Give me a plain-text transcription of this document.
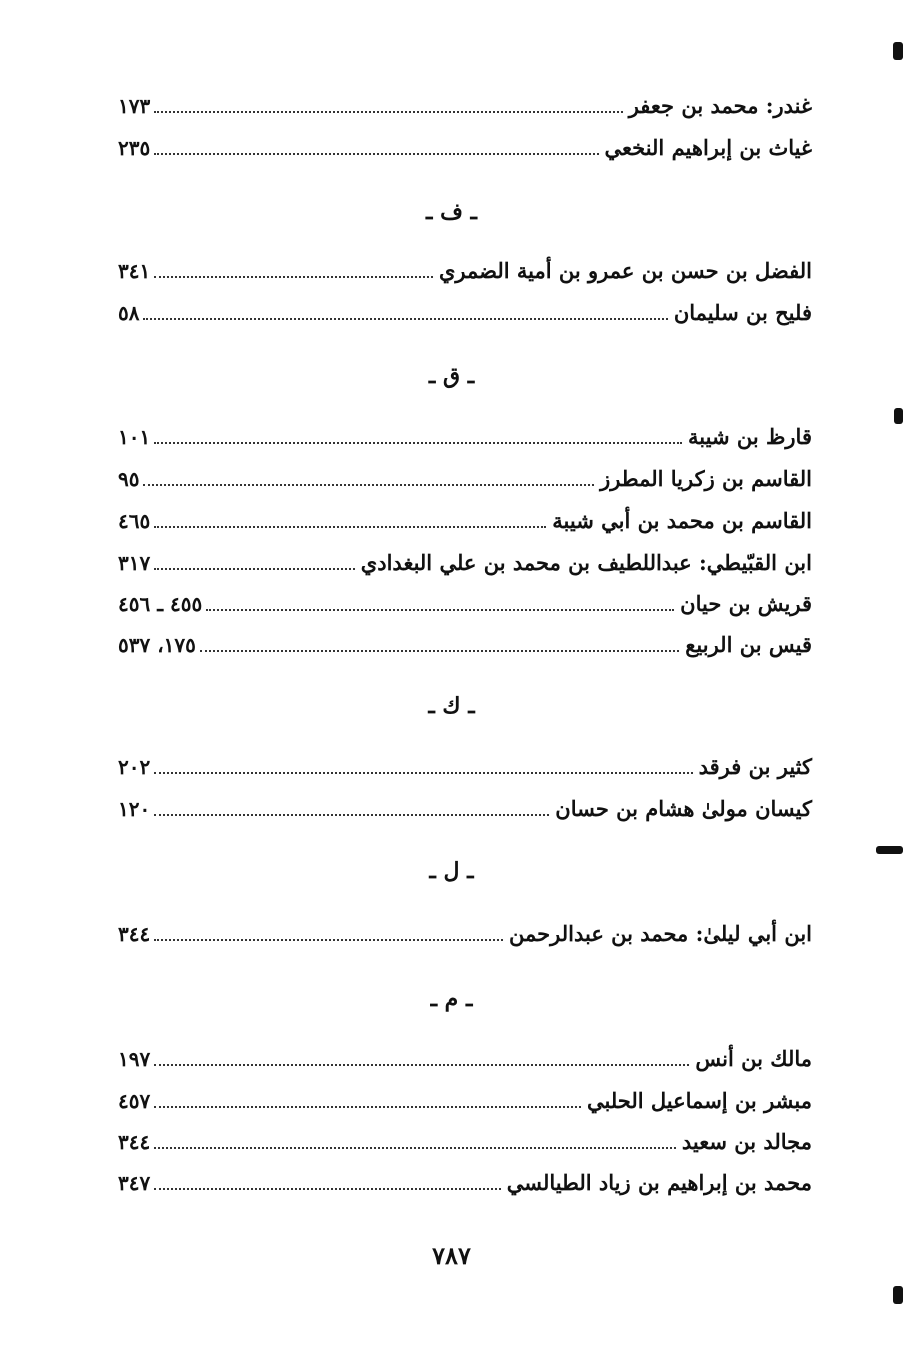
غندر: محمد بن جعفر
١٧٣
غياث بن إبراهيم النخعي
٢٣٥
ـ ف ـ
الفضل بن حسن بن عمرو بن أمية الضمري
٣٤١
فليح بن سليمان
٥٨
ـ ق ـ
قارظ بن شيبة
١٠١
القاسم بن زكريا المطرز
٩٥
القاسم بن محمد بن أبي شيبة
٤٦٥
ابن القبّيطي: عبداللطيف بن محمد بن علي البغدادي
٣١٧
قريش بن حيان
٤٥٥ ـ ٤٥٦
قيس بن الربيع
١٧٥، ٥٣٧
ـ ك ـ
كثير بن فرقد
٢٠٢
كيسان مولىٰ هشام بن حسان
١٢٠
ـ ل ـ
ابن أبي ليلىٰ: محمد بن عبدالرحمن
٣٤٤
ـ م ـ
مالك بن أنس
١٩٧
مبشر بن إسماعيل الحلبي
٤٥٧
مجالد بن سعيد
٣٤٤
محمد بن إبراهيم بن زياد الطيالسي
٣٤٧
٧٨٧
